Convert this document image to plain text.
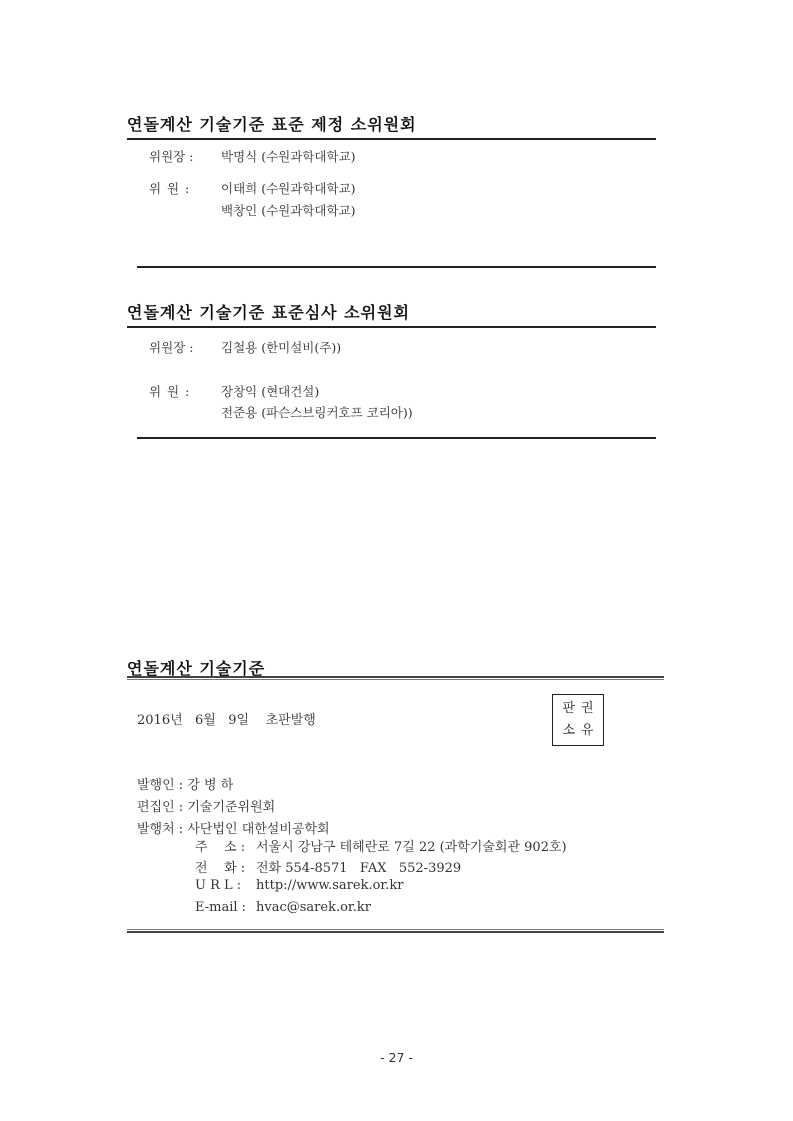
연돌계산 기술기준 표준 제정 소위원회
위원장 : 박명식 (수원과학대학교)
위 원 :	이태희 (수원과학대학교)
백창인 (수원과학대학교)
연돌계산 기술기준 표준심사 소위원회
위원장 : 김철용 (한미설비(주))
위 원 :	장창익 (현대건설)
전준용 (파슨스브링커호프 코리아))
연돌계산 기술기준
2016년   6월   9일    초판발행
판권
소유
발행인 : 강 병 하
편집인 : 기술기준위원회
발행처 : 사단법인 대한설비공학회
주    소 : 서울시 강남구 테헤란로 7길 22 (과학기술회관 902호)
전    화 : 전화 554-8571   FAX   552-3929
U R L : http://www.sarek.or.kr
E-mail : hvac@sarek.or.kr
- 27 -
